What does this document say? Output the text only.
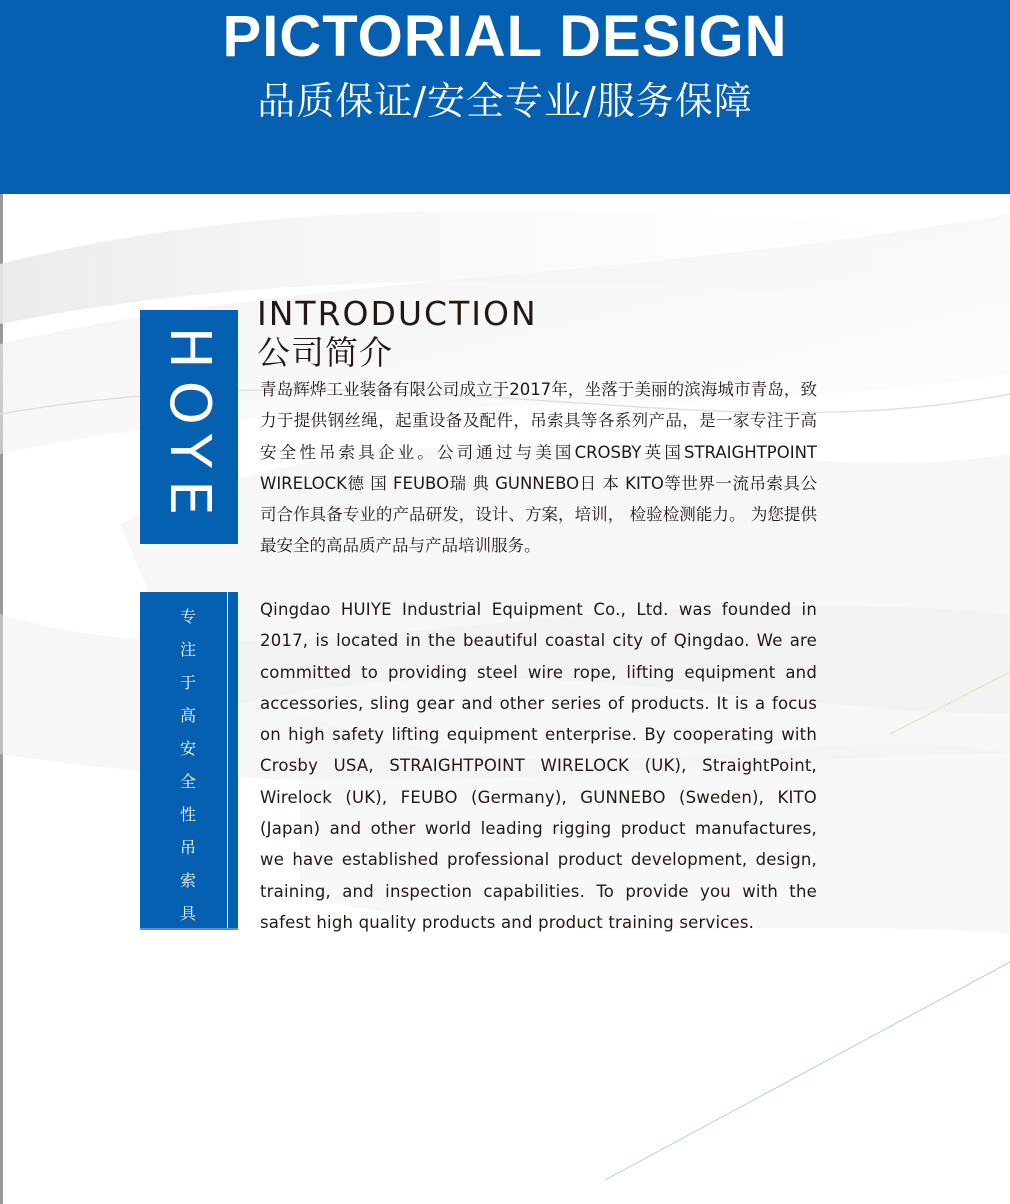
PICTORIAL DESIGN
品质保证/安全专业/服务保障
HOYE
专
注
于
高
安
全
性
吊
索
具
INTRODUCTION
公司简介

青岛辉烨工业装备有限公司成立于2017年，坐落于美丽的滨海城市青岛，致力于提供钢丝绳，起重设备及配件，吊索具等各系列产品，是一家专注于高安全性吊索具企业。公司通过与美国CROSBY英国STRAIGHTPOINT WIRELOCK德 国 FEUBO瑞 典 GUNNEBO日 本 KITO等世界一流吊索具公司合作具备专业的产品研发，设计、方案，培训， 检验检测能力。 为您提供最安全的高品质产品与产品培训服务。

Qingdao HUIYE Industrial Equipment Co., Ltd. was founded in 2017, is located in the beautiful coastal city of Qingdao. We are committed to providing steel wire rope, lifting equipment and accessories, sling gear and other series of products. It is a focus on high safety lifting equipment enterprise. By cooperating with Crosby USA, STRAIGHTPOINT WIRELOCK (UK), StraightPoint, Wirelock (UK), FEUBO (Germany), GUNNEBO (Sweden), KITO (Japan) and other world leading rigging product manufactures, we have established professional product development, design, training, and inspection capabilities. To provide you with the safest high quality products and product training services.
